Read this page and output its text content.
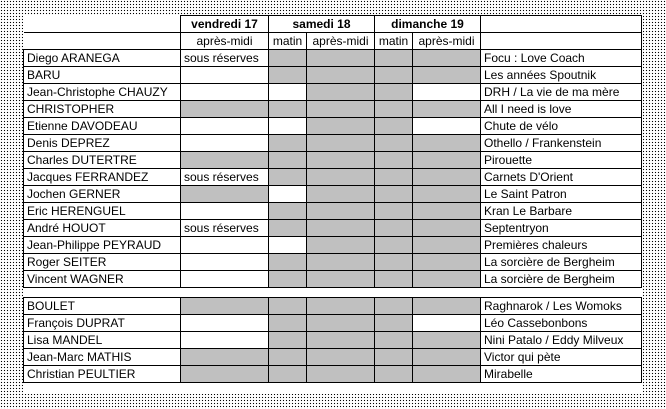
	vendredi 17	samedi 18		dimanche 19		
	après-midi	matin	après-midi	matin	après-midi	
Diego ARANEGA	sous réserves					Focu : Love Coach
BARU						Les années Spoutnik
Jean-Christophe CHAUZY						DRH / La vie de ma mère
CHRISTOPHER						All I need is love
Etienne DAVODEAU						Chute de vélo
Denis DEPREZ						Othello / Frankenstein
Charles DUTERTRE						Pirouette
Jacques FERRANDEZ	sous réserves					Carnets D'Orient
Jochen GERNER						Le Saint Patron
Eric HERENGUEL						Kran Le Barbare
André HOUOT	sous réserves					Septentryon
Jean-Philippe PEYRAUD						Premières chaleurs
Roger SEITER						La sorcière de Bergheim
Vincent WAGNER						La sorcière de Bergheim

BOULET						Raghnarok / Les Womoks
François DUPRAT						Léo Cassebonbons
Lisa MANDEL						Nini Patalo / Eddy Milveux
Jean-Marc MATHIS						Victor qui pète
Christian PEULTIER						Mirabelle
